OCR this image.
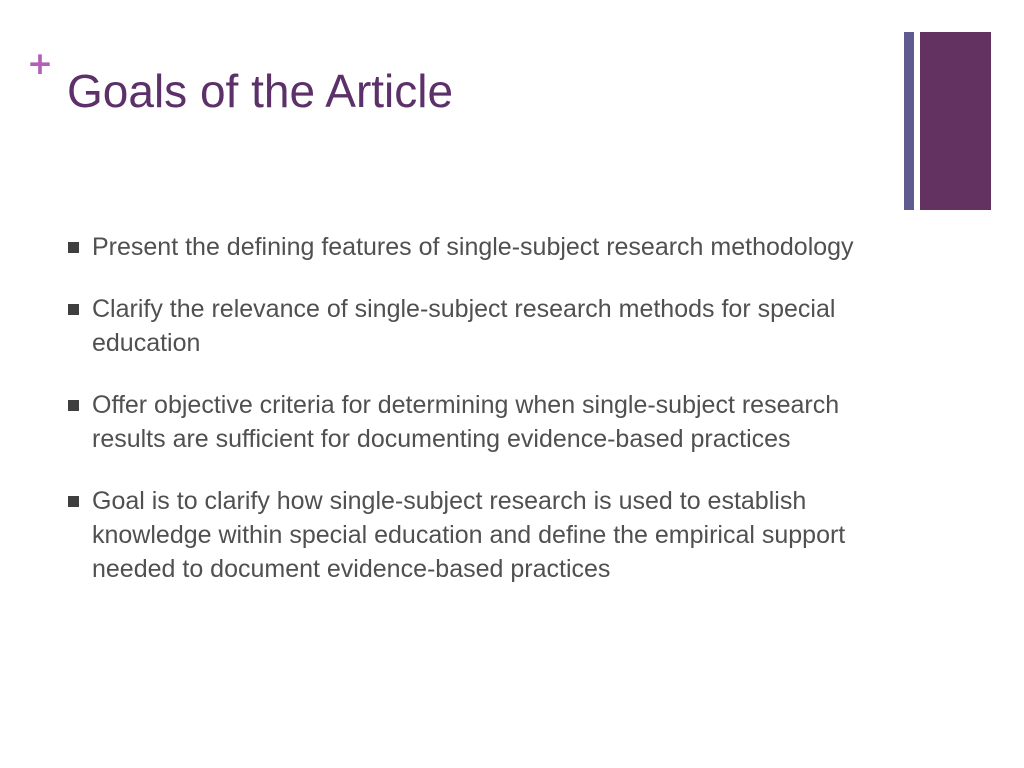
+
Goals of the Article
Present the defining features of single-subject research methodology
Clarify the relevance of single-subject research methods for special education
Offer objective criteria for determining when single-subject research results are sufficient for documenting evidence-based practices
Goal is to clarify how single-subject research is used to establish knowledge within special education and define the empirical support needed to document evidence-based practices
